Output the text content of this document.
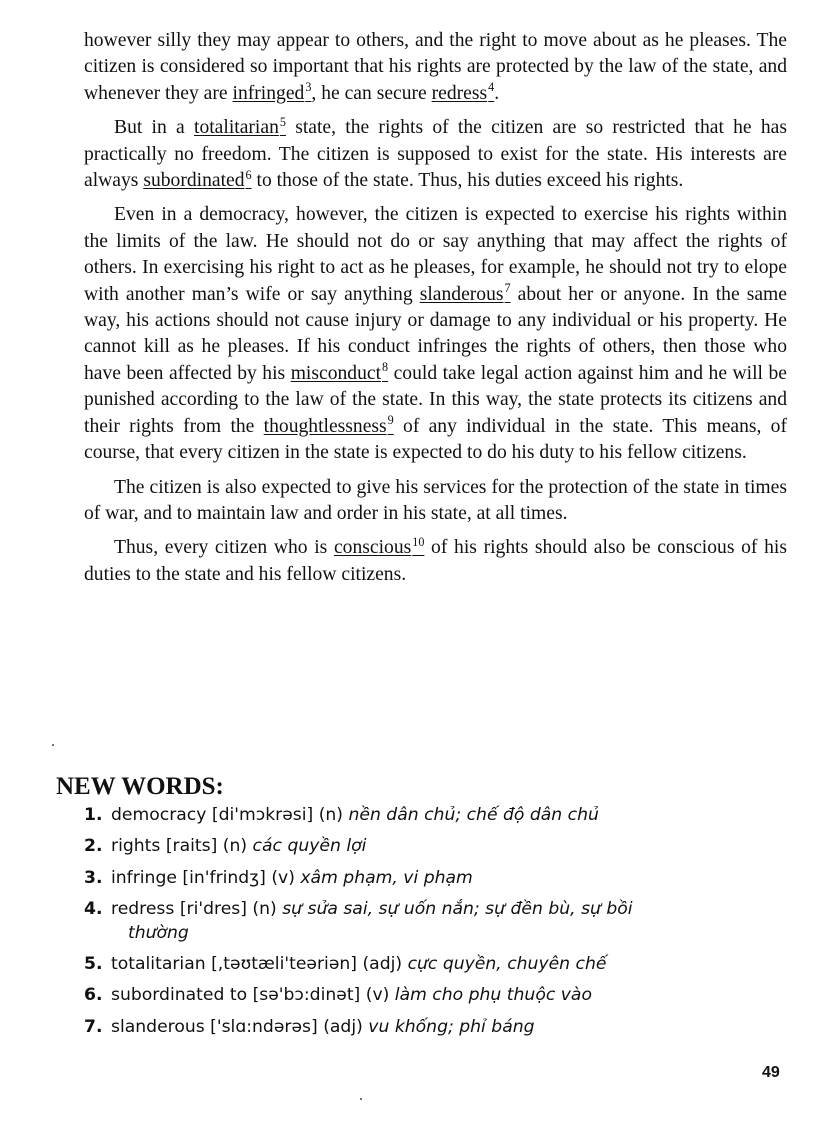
however silly they may appear to others, and the right to move about as he pleases. The citizen is considered so important that his rights are protected by the law of the state, and whenever they are infringed$^3$, he can secure redress$^4$.

But in a totalitarian$^5$ state, the rights of the citizen are so restricted that he has practically no freedom. The citizen is supposed to exist for the state. His interests are always subordinated$^6$ to those of the state. Thus, his duties exceed his rights.

Even in a democracy, however, the citizen is expected to exercise his rights within the limits of the law. He should not do or say anything that may affect the rights of others. In exercising his right to act as he pleases, for example, he should not try to elope with another man’s wife or say anything slanderous$^7$ about her or anyone. In the same way, his actions should not cause injury or damage to any individual or his property. He cannot kill as he pleases. If his conduct infringes the rights of others, then those who have been affected by his misconduct$^8$ could take legal action against him and he will be punished according to the law of the state. In this way, the state protects its citizens and their rights from the thoughtlessness$^9$ of any individual in the state. This means, of course, that every citizen in the state is expected to do his duty to his fellow citizens.

The citizen is also expected to give his services for the protection of the state in times of war, and to maintain law and order in his state, at all times.

Thus, every citizen who is conscious$^{10}$ of his rights should also be conscious of his duties to the state and his fellow citizens.

NEW WORDS:
1. democracy [di'mɔkrəsi] (n) nền dân chủ; chế độ dân chủ
2. rights [raits] (n) các quyền lợi
3. infringe [in'frindʒ] (v) xâm phạm, vi phạm
4. redress [ri'dres] (n) sự sửa sai, sự uốn nắn; sự đền bù, sự bồi
thường
5. totalitarian [,təʊtæli'teəriən] (adj) cực quyền, chuyên chế
6. subordinated to [sə'bɔ:dinət] (v) làm cho phụ thuộc vào
7. slanderous ['slɑ:ndərəs] (adj) vu khống; phỉ báng
49
